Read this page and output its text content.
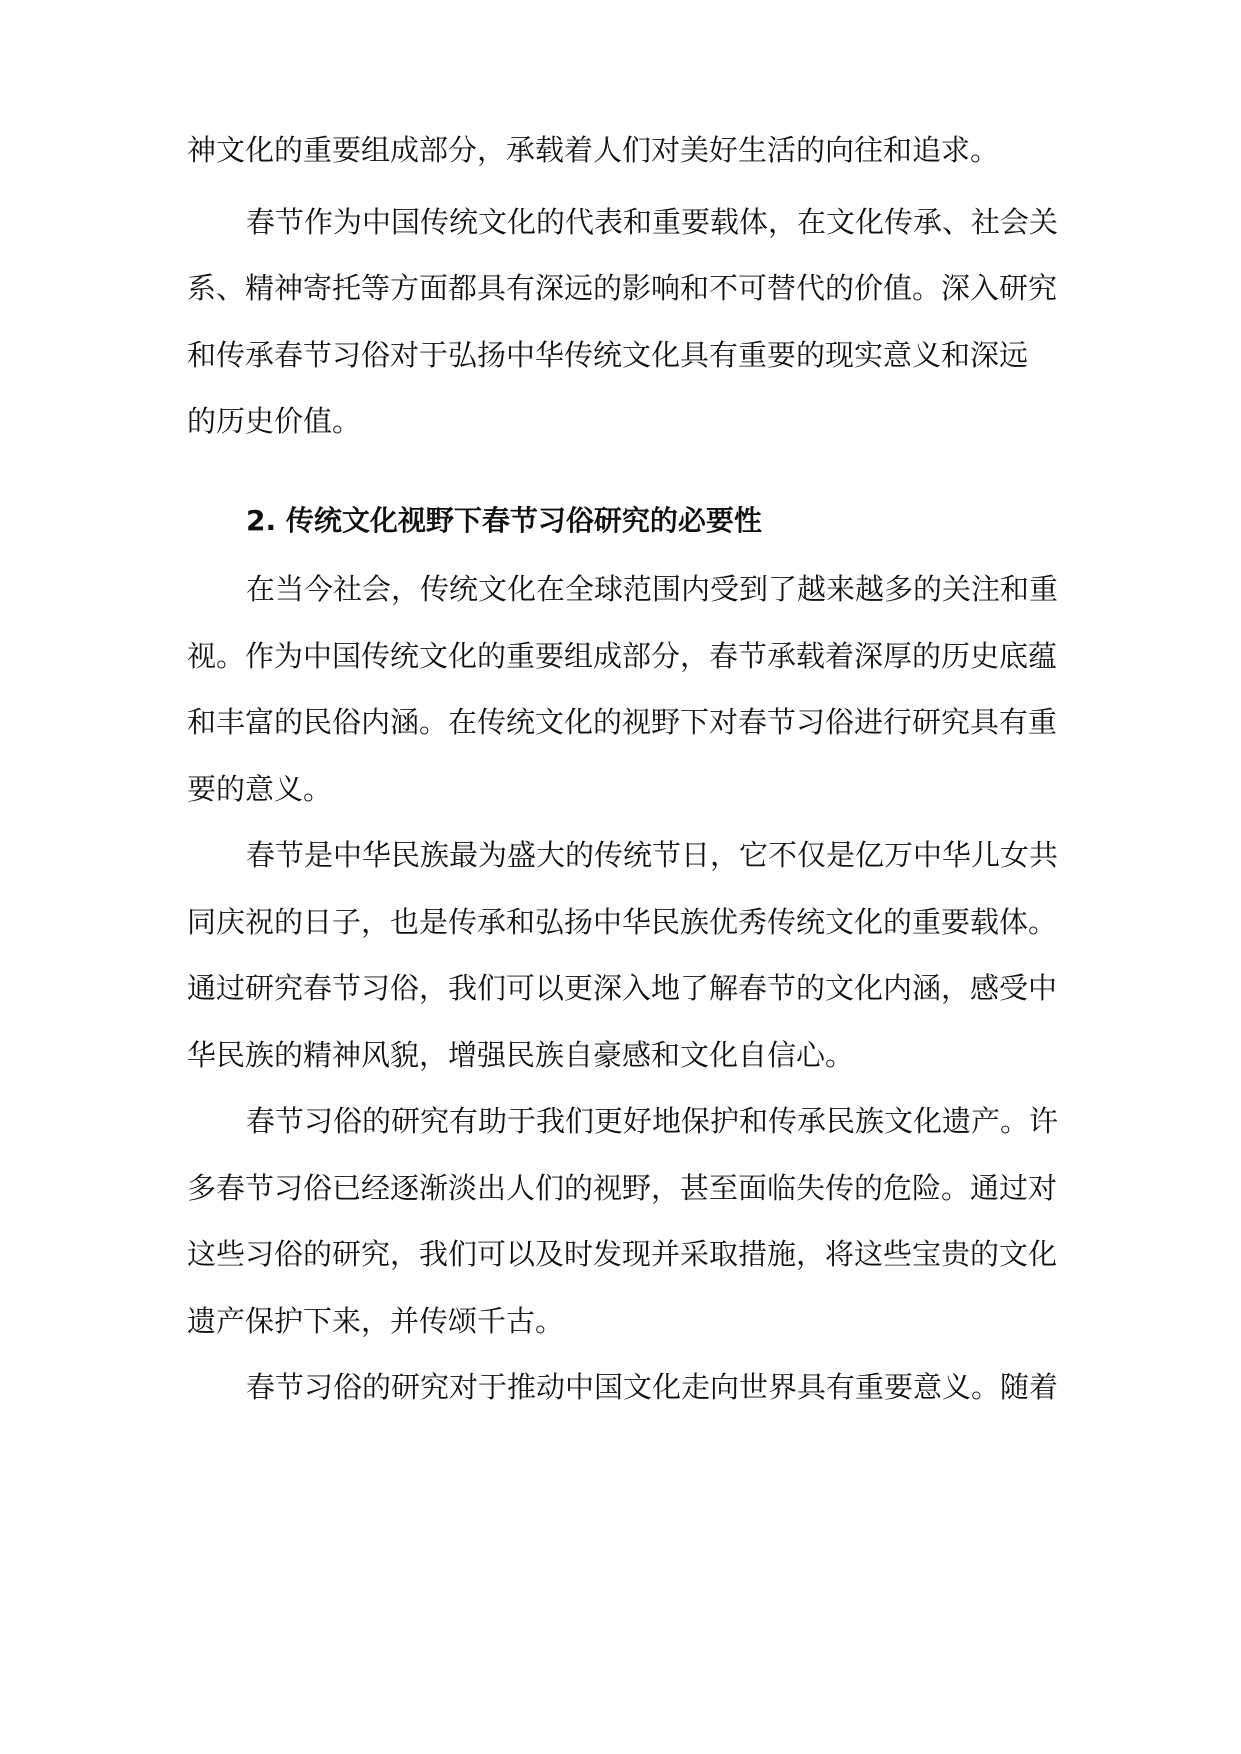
神文化的重要组成部分，承载着人们对美好生活的向往和追求。
春节作为中国传统文化的代表和重要载体，在文化传承、社会关
系、精神寄托等方面都具有深远的影响和不可替代的价值。深入研究
和传承春节习俗对于弘扬中华传统文化具有重要的现实意义和深远
的历史价值。
2. 传统文化视野下春节习俗研究的必要性
在当今社会，传统文化在全球范围内受到了越来越多的关注和重
视。作为中国传统文化的重要组成部分，春节承载着深厚的历史底蕴
和丰富的民俗内涵。在传统文化的视野下对春节习俗进行研究具有重
要的意义。
春节是中华民族最为盛大的传统节日，它不仅是亿万中华儿女共
同庆祝的日子，也是传承和弘扬中华民族优秀传统文化的重要载体。
通过研究春节习俗，我们可以更深入地了解春节的文化内涵，感受中
华民族的精神风貌，增强民族自豪感和文化自信心。
春节习俗的研究有助于我们更好地保护和传承民族文化遗产。许
多春节习俗已经逐渐淡出人们的视野，甚至面临失传的危险。通过对
这些习俗的研究，我们可以及时发现并采取措施，将这些宝贵的文化
遗产保护下来，并传颂千古。
春节习俗的研究对于推动中国文化走向世界具有重要意义。随着
